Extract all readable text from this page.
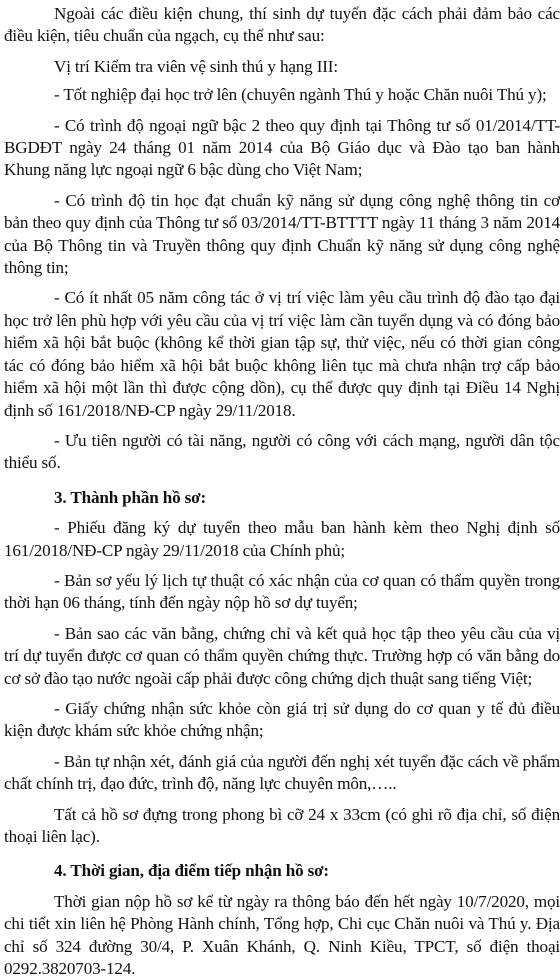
Ngoài các điều kiện chung, thí sinh dự tuyển đặc cách phải đảm bảo các điều kiện, tiêu chuẩn của ngạch, cụ thể như sau:

Vị trí Kiểm tra viên vệ sinh thú y hạng III:

- Tốt nghiệp đại học trở lên (chuyên ngành Thú y hoặc Chăn nuôi Thú y);

- Có trình độ ngoại ngữ bậc 2 theo quy định tại Thông tư số 01/2014/TT-BGDĐT ngày 24 tháng 01 năm 2014 của Bộ Giáo dục và Đào tạo ban hành Khung năng lực ngoại ngữ 6 bậc dùng cho Việt Nam;

- Có trình độ tin học đạt chuẩn kỹ năng sử dụng công nghệ thông tin cơ bản theo quy định của Thông tư số 03/2014/TT-BTTTT ngày 11 tháng 3 năm 2014 của Bộ Thông tin và Truyền thông quy định Chuẩn kỹ năng sử dụng công nghệ thông tin;

- Có ít nhất 05 năm công tác ở vị trí việc làm yêu cầu trình độ đào tạo đại học trở lên phù hợp với yêu cầu của vị trí việc làm cần tuyển dụng và có đóng bảo hiểm xã hội bắt buộc (không kể thời gian tập sự, thử việc, nếu có thời gian công tác có đóng bảo hiểm xã hội bắt buộc không liên tục mà chưa nhận trợ cấp bảo hiểm xã hội một lần thì được cộng dồn), cụ thể được quy định tại Điều 14 Nghị định số 161/2018/NĐ-CP ngày 29/11/2018.

- Ưu tiên người có tài năng, người có công với cách mạng, người dân tộc thiểu số.

3. Thành phần hồ sơ:

- Phiếu đăng ký dự tuyển theo mẫu ban hành kèm theo Nghị định số 161/2018/NĐ-CP ngày 29/11/2018 của Chính phủ;

- Bản sơ yếu lý lịch tự thuật có xác nhận của cơ quan có thẩm quyền trong thời hạn 06 tháng, tính đến ngày nộp hồ sơ dự tuyển;

- Bản sao các văn bằng, chứng chỉ và kết quả học tập theo yêu cầu của vị trí dự tuyển được cơ quan có thẩm quyền chứng thực. Trường hợp có văn bằng do cơ sở đào tạo nước ngoài cấp phải được công chứng dịch thuật sang tiếng Việt;

- Giấy chứng nhận sức khỏe còn giá trị sử dụng do cơ quan y tế đủ điều kiện được khám sức khỏe chứng nhận;

- Bản tự nhận xét, đánh giá của người đến nghị xét tuyển đặc cách về phẩm chất chính trị, đạo đức, trình độ, năng lực chuyên môn,…..

Tất cả hồ sơ đựng trong phong bì cỡ 24 x 33cm (có ghi rõ địa chỉ, số điện thoại liên lạc).

4. Thời gian, địa điểm tiếp nhận hồ sơ:

Thời gian nộp hồ sơ kể từ ngày ra thông báo đến hết ngày 10/7/2020, mọi chi tiết xin liên hệ Phòng Hành chính, Tổng hợp, Chi cục Chăn nuôi và Thú y. Địa chỉ số 324 đường 30/4, P. Xuân Khánh, Q. Ninh Kiều, TPCT, số điện thoại 0292.3820703-124.
